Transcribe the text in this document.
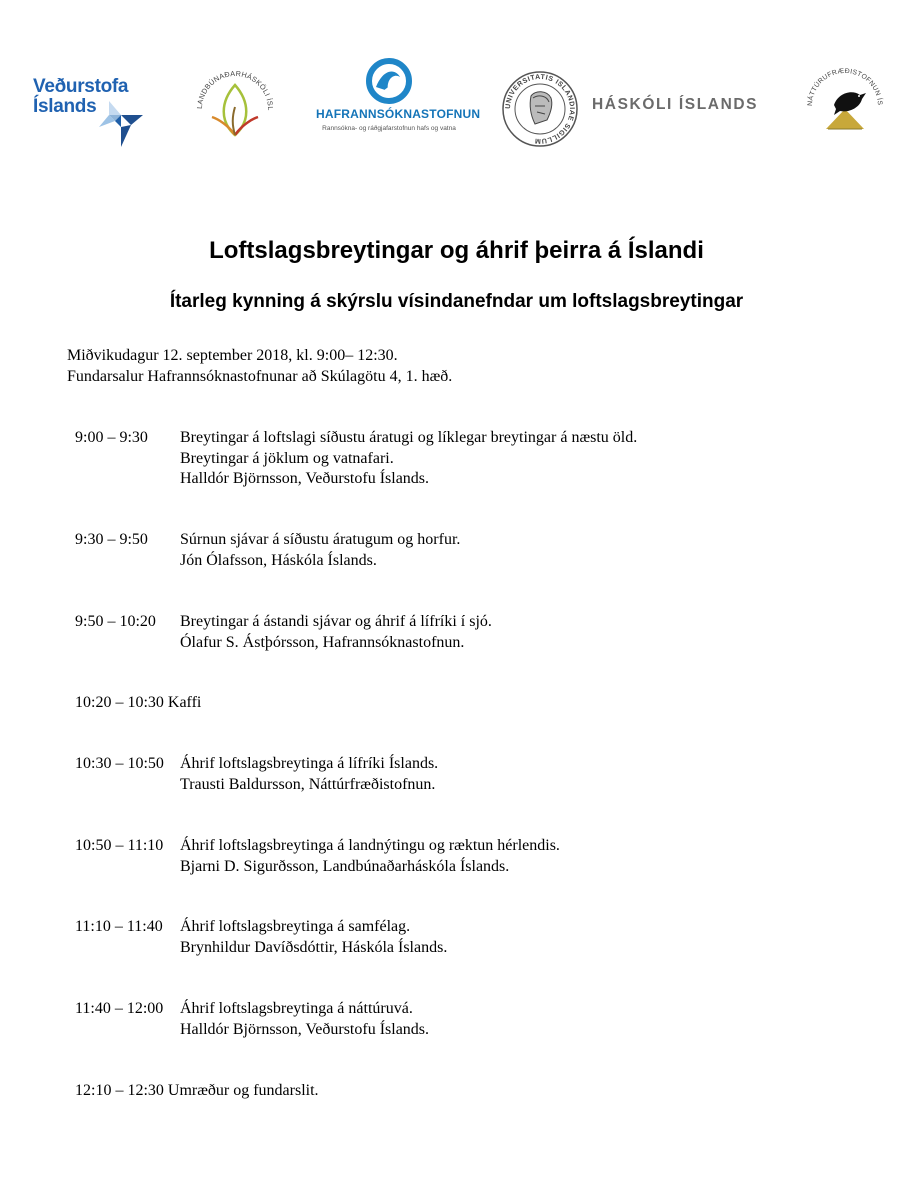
Veðurstofa
Íslands	LANDBÚNAÐARHÁSKÓLI ÍSL	HAFRANNSÓKNASTOFNUN
Rannsókna- og ráðgjafarstofnun hafs og vatna
UNIVERSITATIS ISLANDIAE SIGILLUM
HÁSKÓLI ÍSLANDS	NÁTTÚRUFRÆÐISTOFNUN ÍS
Loftslagsbreytingar og áhrif þeirra á Íslandi
Ítarleg kynning á skýrslu vísindanefndar um loftslagsbreytingar
Miðvikudagur 12. september 2018, kl. 9:00– 12:30.
Fundarsalur Hafrannsóknastofnunar að Skúlagötu 4, 1. hæð.
9:00 – 9:30 Breytingar á loftslagi síðustu áratugi og líklegar breytingar á næstu öld.
Breytingar á jöklum og vatnafari.
Halldór Björnsson, Veðurstofu Íslands.
9:30 – 9:50 Súrnun sjávar á síðustu áratugum og horfur.
Jón Ólafsson, Háskóla Íslands.
9:50 – 10:20 Breytingar á ástandi sjávar og áhrif á lífríki í sjó.
Ólafur S. Ástþórsson, Hafrannsóknastofnun.
10:20 – 10:30 Kaffi
10:30 – 10:50 Áhrif loftslagsbreytinga á lífríki Íslands.
Trausti Baldursson, Náttúrfræðistofnun.
10:50 – 11:10 Áhrif loftslagsbreytinga á landnýtingu og ræktun hérlendis.
Bjarni D. Sigurðsson, Landbúnaðarháskóla Íslands.
11:10 – 11:40 Áhrif loftslagsbreytinga á samfélag.
Brynhildur Davíðsdóttir, Háskóla Íslands.
11:40 – 12:00 Áhrif loftslagsbreytinga á náttúruvá.
Halldór Björnsson, Veðurstofu Íslands.
12:10 – 12:30 Umræður og fundarslit.
